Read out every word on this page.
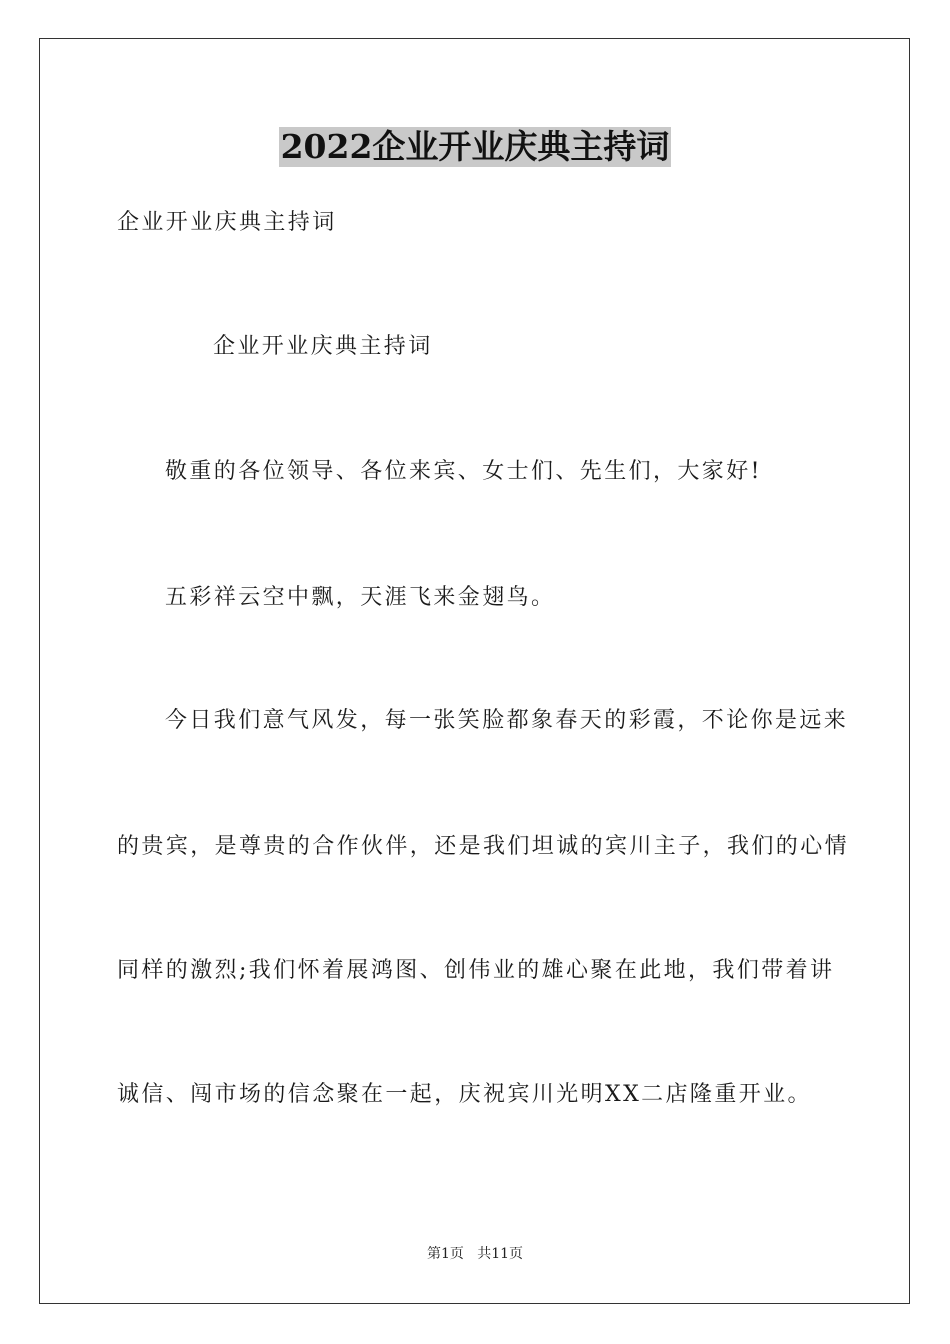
2022企业开业庆典主持词
企业开业庆典主持词
企业开业庆典主持词
敬重的各位领导、各位来宾、女士们、先生们，大家好!
五彩祥云空中飘，天涯飞来金翅鸟。
今日我们意气风发，每一张笑脸都象春天的彩霞，不论你是远来
的贵宾，是尊贵的合作伙伴，还是我们坦诚的宾川主子，我们的心情
同样的激烈;我们怀着展鸿图、创伟业的雄心聚在此地，我们带着讲
诚信、闯市场的信念聚在一起，庆祝宾川光明XX二店隆重开业。
第1页   共11页
